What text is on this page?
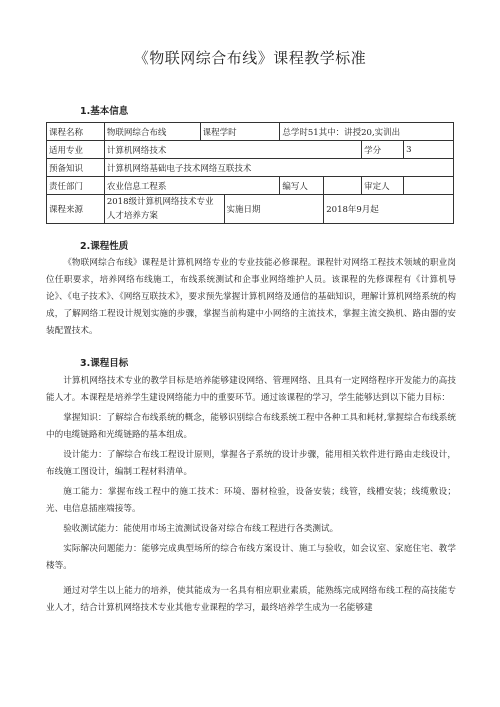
《物联网综合布线》课程教学标准
1.基本信息
课程名称	物联网综合布线	课程学时		总学时51其中：讲授20,实训出			
适用专业	计算机网络技术					学分	3
预备知识	计算机网络基础电子技术网络互联技术						
责任部门	农业信息工程系			编写人		审定人	
课程来源	2018级计算机网络技术专业人才培养方案		实施日期		2018年9月起		
2.课程性质

《物联网综合布线》课程是计算机网络专业的专业技能必修课程。课程针对网络工程技术领域的职业岗位任职要求，培养网络布线施工，布线系统测试和企事业网络维护人员。该课程的先修课程有《计算机导论》、《电子技术》、《网络互联技术》，要求预先掌握计算机网络及通信的基础知识，理解计算机网络系统的构成，了解网络工程设计规划实施的步骤，掌握当前构建中小网络的主流技术，掌握主流交换机、路由器的安装配置技术。

3.课程目标

计算机网络技术专业的教学目标是培养能够建设网络、管理网络、且具有一定网络程序开发能力的高技能人才。本课程是培养学生建设网络能力中的重要环节。通过该课程的学习，学生能够达到以下能力目标：

掌握知识：了解综合布线系统的概念，能够识别综合布线系统工程中各种工具和耗材,掌握综合布线系统中的电缆链路和光缆链路的基本组成。

设计能力：了解综合布线工程设计原则，掌握各子系统的设计步骤，能用相关软件进行路由走线设计，布线施工图设计，编制工程材料清单。

施工能力：掌握布线工程中的施工技术：环境、器材检验，设备安装；线管，线槽安装；线缆敷设；光、电信息插座端接等。

验收测试能力：能使用市场主流测试设备对综合布线工程进行各类测试。

实际解决问题能力：能够完成典型场所的综合布线方案设计、施工与验收，如会议室、家庭住宅、教学楼等。

通过对学生以上能力的培养，使其能成为一名具有相应职业素质，能熟练完成网络布线工程的高技能专业人才，结合计算机网络技术专业其他专业课程的学习，最终培养学生成为一名能够建
